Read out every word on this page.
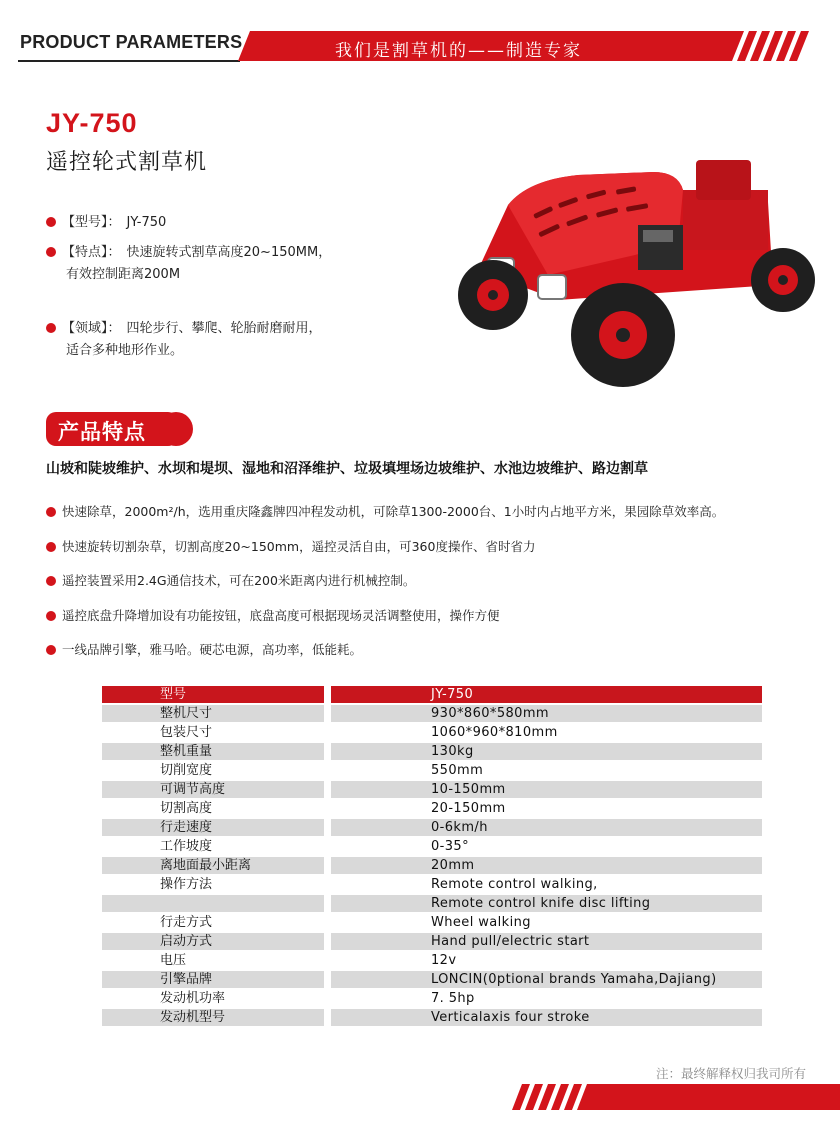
PRODUCT PARAMETERS	我们是割草机的——制造专家
JY-750
遥控轮式割草机
【型号】： JY-750
【特点】： 快速旋转式割草高度20~150MM，
有效控制距离200M
【领域】： 四轮步行、攀爬、轮胎耐磨耐用，
适合多种地形作业。
产品特点
山坡和陡坡维护、水坝和堤坝、湿地和沼泽维护、垃圾填埋场边坡维护、水池边坡维护、路边割草
快速除草，2000m²/h，选用重庆隆鑫牌四冲程发动机，可除草1300-2000台、1小时内占地平方米，果园除草效率高。
快速旋转切割杂草，切割高度20~150mm，遥控灵活自由，可360度操作、省时省力
遥控装置采用2.4G通信技术，可在200米距离内进行机械控制。
遥控底盘升降增加设有功能按钮，底盘高度可根据现场灵活调整使用，操作方便
一线品牌引擎，雅马哈。硬芯电源，高功率，低能耗。
型号	JY-750
整机尺寸	930*860*580mm
包装尺寸	1060*960*810mm
整机重量	130kg
切削宽度	550mm
可调节高度	10-150mm
切割高度	20-150mm
行走速度	0-6km/h
工作坡度	0-35°
离地面最小距离	20mm
操作方法	Remote control walking,
Remote control knife disc lifting
行走方式	Wheel walking
启动方式	Hand pull/electric start
电压	12v
引擎品牌	LONCIN(0ptional brands Yamaha,Dajiang)
发动机功率	7. 5hp
发动机型号	Verticalaxis four stroke
注：最终解释权归我司所有
